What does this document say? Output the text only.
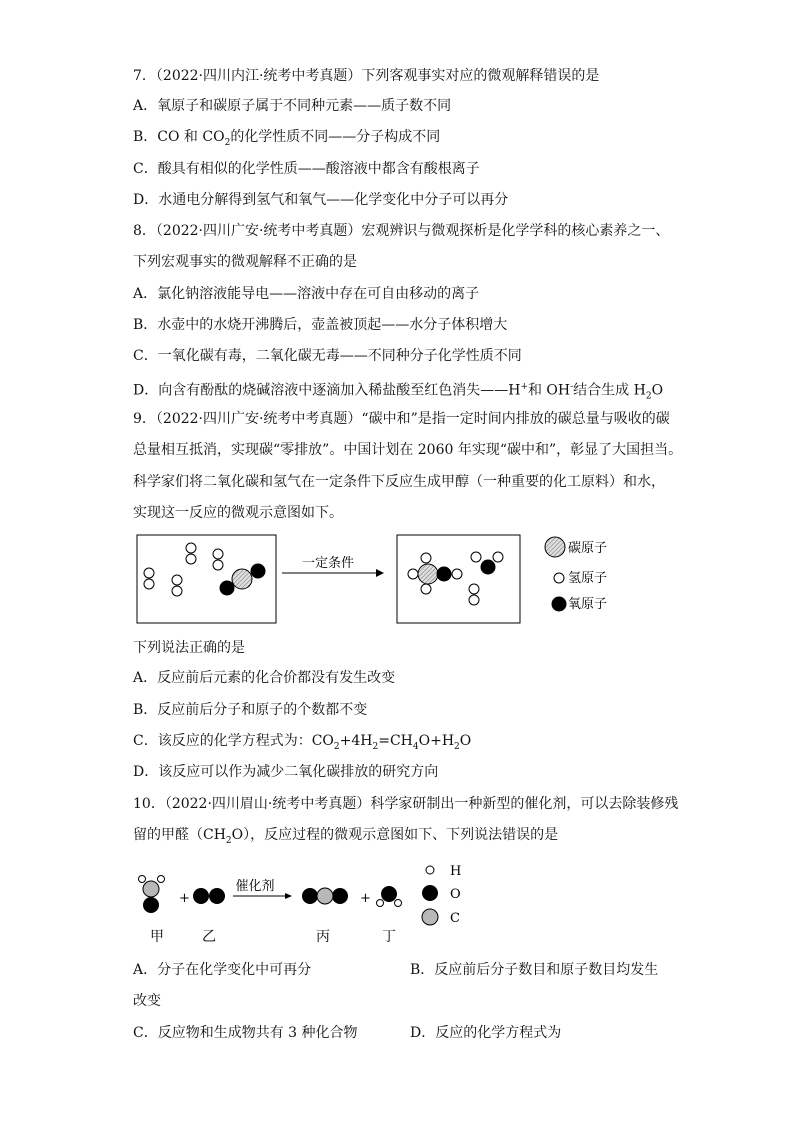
7．（2022·四川内江·统考中考真题）下列客观事实对应的微观解释错误的是
A．氧原子和碳原子属于不同种元素——质子数不同
B．CO 和 $CO_2$的化学性质不同——分子构成不同
C．酸具有相似的化学性质——酸溶液中都含有酸根离子
D．水通电分解得到氢气和氧气——化学变化中分子可以再分
8．（2022·四川广安·统考中考真题）宏观辨识与微观探析是化学学科的核心素养之一、
下列宏观事实的微观解释不正确的是
A．氯化钠溶液能导电——溶液中存在可自由移动的离子
B．水壶中的水烧开沸腾后，壶盖被顶起——水分子体积增大
C．一氧化碳有毒，二氧化碳无毒——不同种分子化学性质不同
D．向含有酚酞的烧碱溶液中逐滴加入稀盐酸至红色消失——H+和 OH-结合生成 $H_2O$
9．（2022·四川广安·统考中考真题）“碳中和”是指一定时间内排放的碳总量与吸收的碳
总量相互抵消，实现碳“零排放”。中国计划在 2060 年实现“碳中和”，彰显了大国担当。
科学家们将二氧化碳和氢气在一定条件下反应生成甲醇（一种重要的化工原料）和水，
实现这一反应的微观示意图如下。
一定条件
碳原子
氢原子
氧原子
下列说法正确的是
A．反应前后元素的化合价都没有发生改变
B．反应前后分子和原子的个数都不变
C．该反应的化学方程式为：$CO_2+4H_2=CH_4O+H_2O$
D．该反应可以作为减少二氧化碳排放的研究方向
10．（2022·四川眉山·统考中考真题）科学家研制出一种新型的催化剂，可以去除装修残
留的甲醛$(CH_2O)$，反应过程的微观示意图如下、下列说法错误的是
+
催化剂
+
H
O
C
甲	乙	丙	丁
A．分子在化学变化中可再分	B．反应前后分子数目和原子数目均发生
改变
C．反应物和生成物共有 3 种化合物	D．反应的化学方程式为
